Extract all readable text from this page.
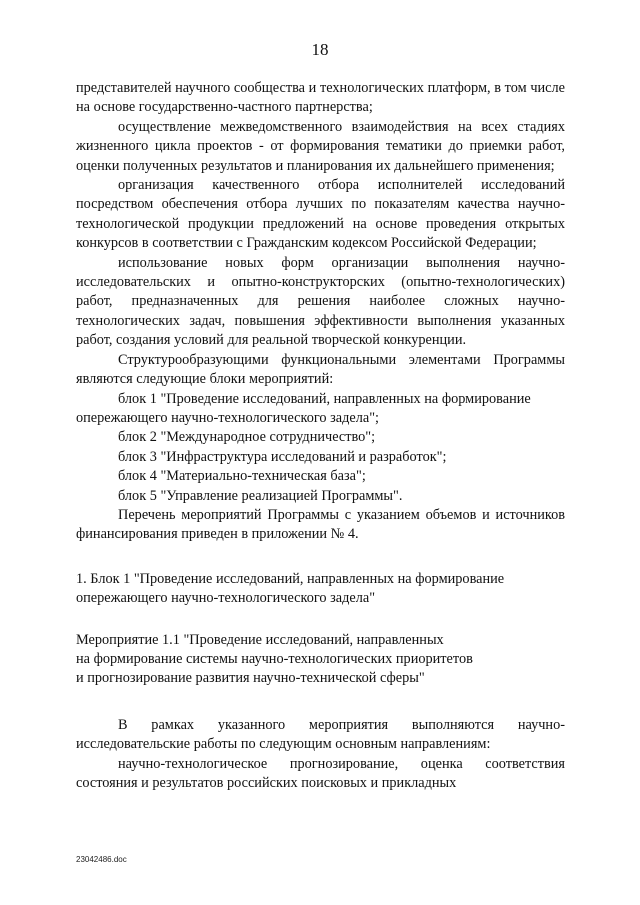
18

представителей научного сообщества и технологических платформ, в том числе на основе государственно-частного партнерства;

осуществление межведомственного взаимодействия на всех стадиях жизненного цикла проектов - от формирования тематики до приемки работ, оценки полученных результатов и планирования их дальнейшего применения;

организация качественного отбора исполнителей исследований посредством обеспечения отбора лучших по показателям качества научно-технологической продукции предложений на основе проведения открытых конкурсов в соответствии с Гражданским кодексом Российской Федерации;

использование новых форм организации выполнения научно-исследовательских и опытно-конструкторских (опытно-технологических) работ, предназначенных для решения наиболее сложных научно-технологических задач, повышения эффективности выполнения указанных работ, создания условий для реальной творческой конкуренции.

Структурообразующими функциональными элементами Программы являются следующие блоки мероприятий:

блок 1 "Проведение исследований, направленных на формирование опережающего научно-технологического задела";

блок 2 "Международное сотрудничество";

блок 3 "Инфраструктура исследований и разработок";

блок 4 "Материально-техническая база";

блок 5 "Управление реализацией Программы".

Перечень мероприятий Программы с указанием объемов и источников финансирования приведен в приложении № 4.

1. Блок 1 "Проведение исследований, направленных на формирование

опережающего научно-технологического задела"

Мероприятие 1.1 "Проведение исследований, направленных

на формирование системы научно-технологических приоритетов

и прогнозирование развития научно-технической сферы"

В рамках указанного мероприятия выполняются научно-исследовательские работы по следующим основным направлениям:

научно-технологическое прогнозирование, оценка соответствия состояния и результатов российских поисковых и прикладных

23042486.doc
